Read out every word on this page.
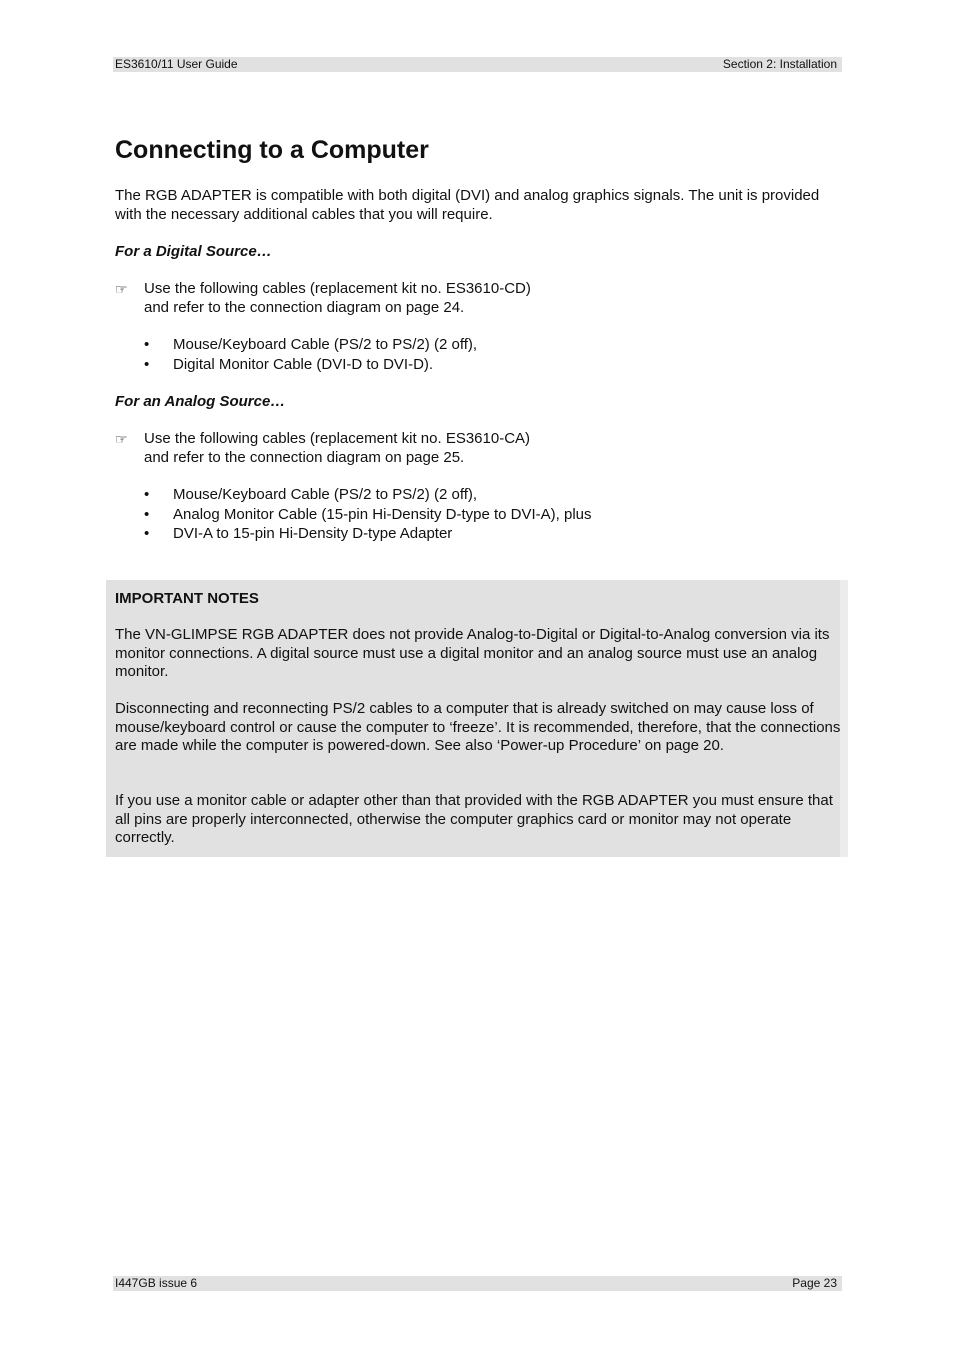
ES3610/11 User Guide	Section 2: Installation
Connecting to a Computer

The RGB ADAPTER is compatible with both digital (DVI) and analog graphics signals. The unit is provided with the necessary additional cables that you will require.

For a Digital Source…

☞	Use the following cables (replacement kit no. ES3610-CD)
and refer to the connection diagram on page 24.
• Mouse/Keyboard Cable (PS/2 to PS/2) (2 off),
• Digital Monitor Cable (DVI-D to DVI-D).

For an Analog Source…

☞	Use the following cables (replacement kit no. ES3610-CA)
and refer to the connection diagram on page 25.
• Mouse/Keyboard Cable (PS/2 to PS/2) (2 off),
• Analog Monitor Cable (15-pin Hi-Density D-type to DVI-A), plus
• DVI-A to 15-pin Hi-Density D-type Adapter

IMPORTANT NOTES

The VN-GLIMPSE RGB ADAPTER does not provide Analog-to-Digital or Digital-to-Analog conversion via its monitor connections. A digital source must use a digital monitor and an analog source must use an analog monitor.

Disconnecting and reconnecting PS/2 cables to a computer that is already switched on may cause loss of mouse/keyboard control or cause the computer to ‘freeze’. It is recommended, therefore, that the connections are made while the computer is powered-down. See also ‘Power-up Procedure’ on page 20.

If you use a monitor cable or adapter other than that provided with the RGB ADAPTER you must ensure that all pins are properly interconnected, otherwise the computer graphics card or monitor may not operate correctly.

I447GB issue 6	Page 23
